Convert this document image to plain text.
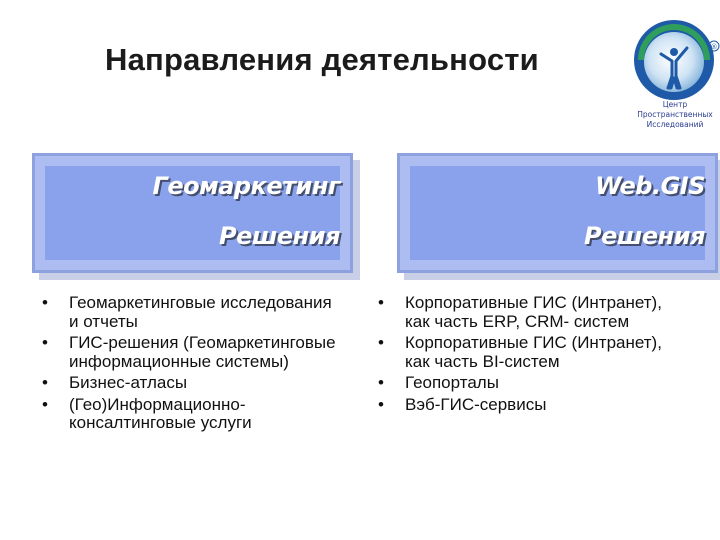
Направления деятельности	®
Центр
Пространственных
Исследований
Геомаркетинг
Решения
Web.GIS
Решения
• Геомаркетинговые исследования и отчеты
• ГИС-решения (Геомаркетинговые информационные системы)
• Бизнес-атласы
• (Гео)Информационно-консалтинговые услуги
• Корпоративные ГИС (Интранет), как часть ERP, CRM- систем
• Корпоративные ГИС (Интранет), как часть BI-систем
• Геопорталы
• Вэб-ГИС-сервисы
